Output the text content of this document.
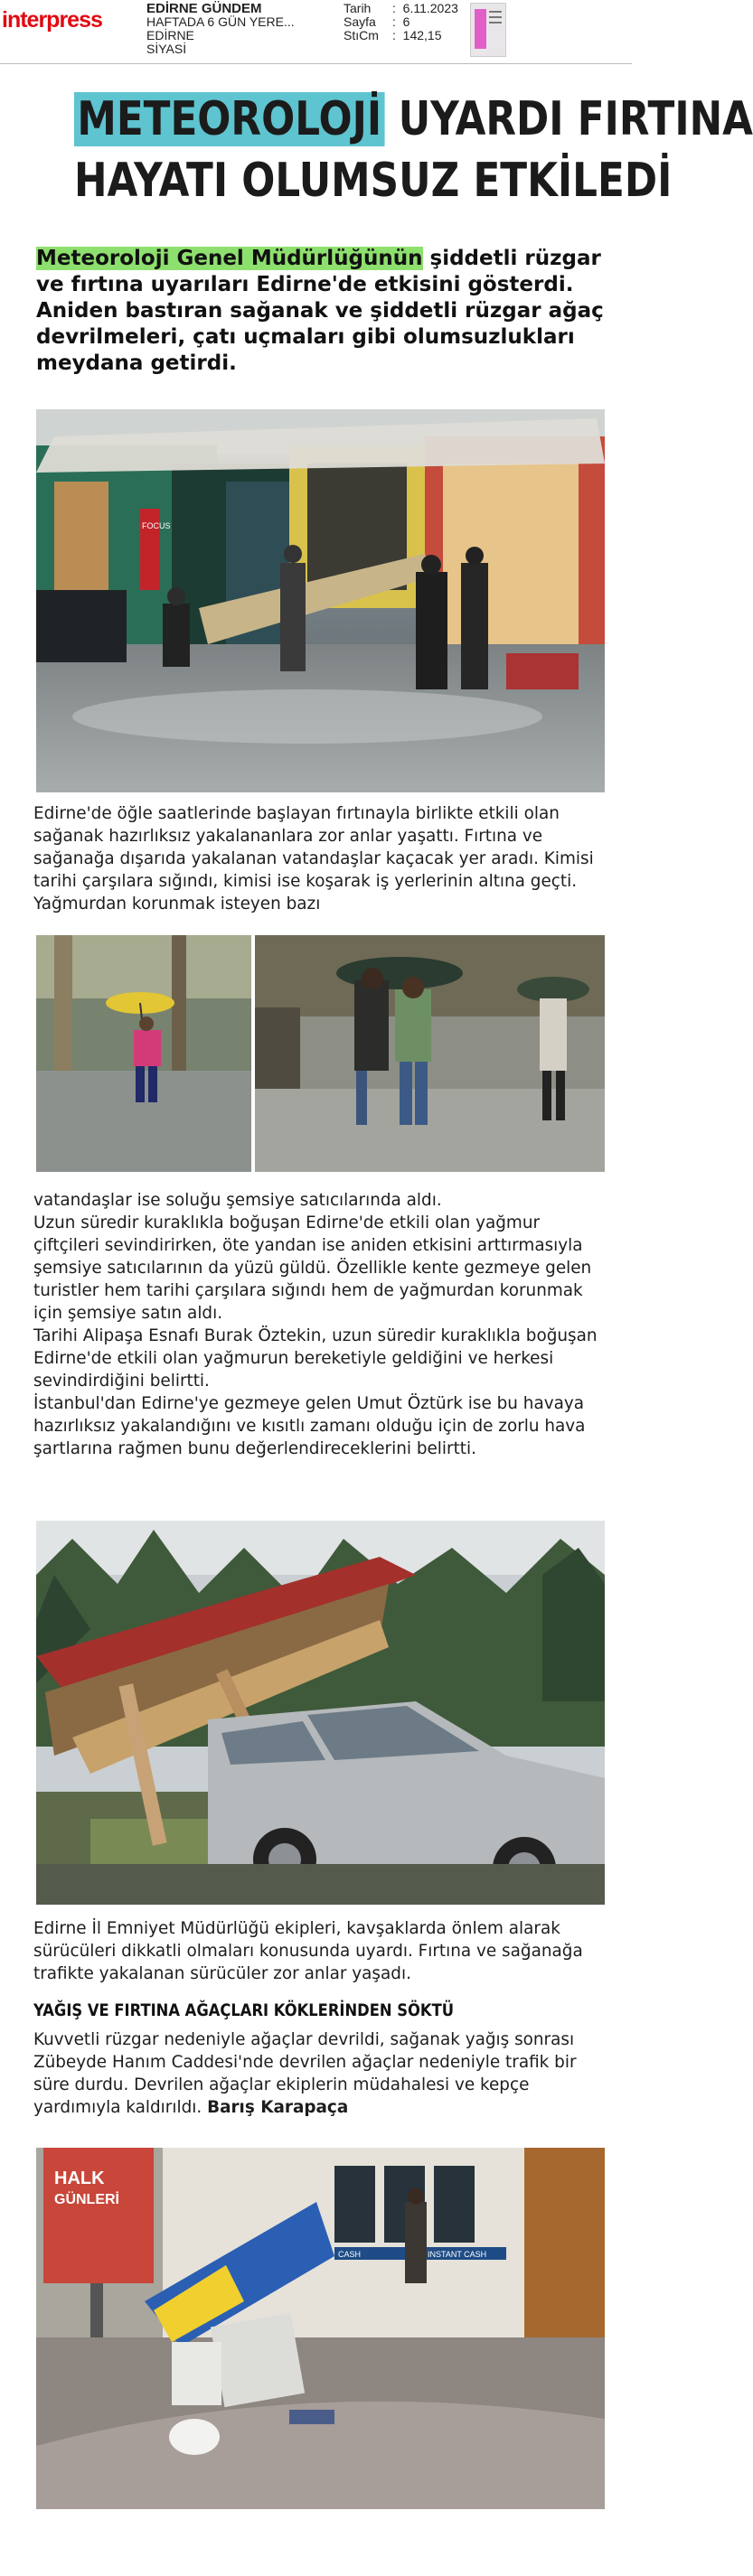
interpress	EDİRNE GÜNDEM
HAFTADA 6 GÜN YERE...
EDİRNE
SİYASİ
Tarih	: 6.11.2023
Sayfa	: 6
StıCm	: 142,15
METEOROLOJİ UYARDI FIRTINA
HAYATI OLUMSUZ ETKİLEDİ
Meteoroloji Genel Müdürlüğünün şiddetli rüzgar ve fırtına uyarıları Edirne'de etkisini gösterdi. Aniden bastıran sağanak ve şiddetli rüzgar ağaç devrilmeleri, çatı uçmaları gibi olumsuzlukları meydana getirdi.
FOCUS

Edirne'de öğle saatlerinde başlayan fırtınayla birlikte etkili olan sağanak hazırlıksız yakalananlara zor anlar yaşattı. Fırtına ve sağanağa dışarıda yakalanan vatandaşlar kaçacak yer aradı. Kimisi tarihi çarşılara sığındı, kimisi ise koşarak iş yerlerinin altına geçti. Yağmurdan korunmak isteyen bazı

vatandaşlar ise soluğu şemsiye satıcılarında aldı.

Uzun süredir kuraklıkla boğuşan Edirne'de etkili olan yağmur çiftçileri sevindirirken, öte yandan ise aniden etkisini arttırmasıyla şemsiye satıcılarının da yüzü güldü. Özellikle kente gezmeye gelen turistler hem tarihi çarşılara sığındı hem de yağmurdan korunmak için şemsiye satın aldı.

Tarihi Alipaşa Esnafı Burak Öztekin, uzun süredir kuraklıkla boğuşan Edirne'de etkili olan yağmurun bereketiyle geldiğini ve herkesi sevindirdiğini belirtti.

İstanbul'dan Edirne'ye gezmeye gelen Umut Öztürk ise bu havaya hazırlıksız yakalandığını ve kısıtlı zamanı olduğu için de zorlu hava şartlarına rağmen bunu değerlendireceklerini belirtti.

Edirne İl Emniyet Müdürlüğü ekipleri, kavşaklarda önlem alarak sürücüleri dikkatli olmaları konusunda uyardı. Fırtına ve sağanağa trafikte yakalanan sürücüler zor anlar yaşadı.

YAĞIŞ VE FIRTINA AĞAÇLARI KÖKLERİNDEN SÖKTÜ
Kuvvetli rüzgar nedeniyle ağaçlar devrildi, sağanak yağış sonrası Zübeyde Hanım Caddesi'nde devrilen ağaçlar nedeniyle trafik bir süre durdu. Devrilen ağaçlar ekiplerin müdahalesi ve kepçe yardımıyla kaldırıldı. Barış Karapaça
HALK
GÜNLERİ
CASH	INSTANT CASH
